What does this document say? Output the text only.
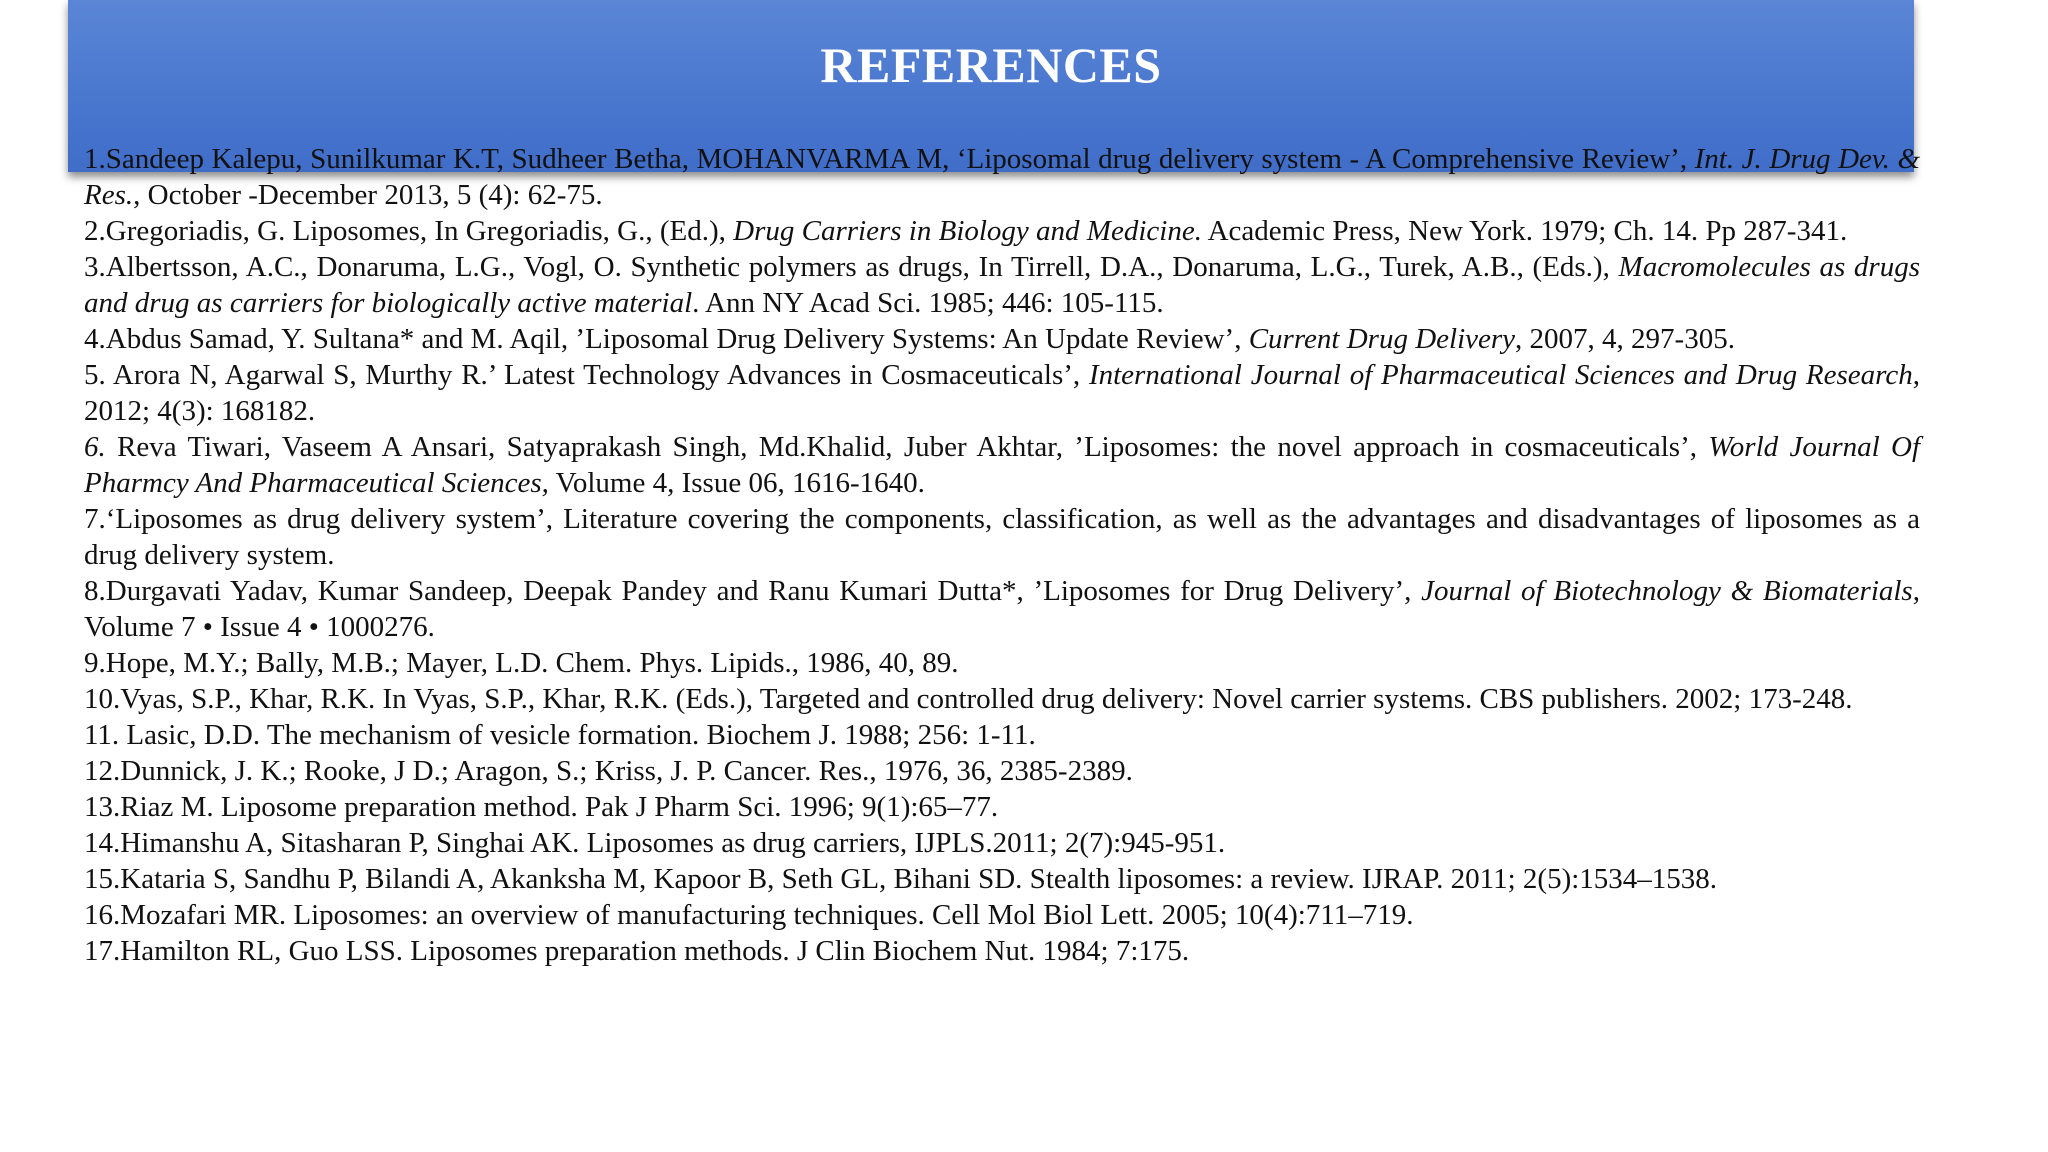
REFERENCES
1.Sandeep Kalepu, Sunilkumar K.T, Sudheer Betha, MOHANVARMA M, ‘Liposomal drug delivery system - A Comprehensive Review’, Int. J. Drug Dev. & Res., October -December 2013, 5 (4): 62-75.
2.Gregoriadis, G. Liposomes, In Gregoriadis, G., (Ed.), Drug Carriers in Biology and Medicine. Academic Press, New York. 1979; Ch. 14. Pp 287-341.
3.Albertsson, A.C., Donaruma, L.G., Vogl, O. Synthetic polymers as drugs, In Tirrell, D.A., Donaruma, L.G., Turek, A.B., (Eds.), Macromolecules as drugs and drug as carriers for biologically active material. Ann NY Acad Sci. 1985; 446: 105-115.
4.Abdus Samad, Y. Sultana* and M. Aqil, ’Liposomal Drug Delivery Systems: An Update Review’, Current Drug Delivery, 2007, 4, 297-305.
5. Arora N, Agarwal S, Murthy R.’ Latest Technology Advances in Cosmaceuticals’, International Journal of Pharmaceutical Sciences and Drug Research, 2012; 4(3): 168182.
6. Reva Tiwari, Vaseem A Ansari, Satyaprakash Singh, Md.Khalid, Juber Akhtar, ’Liposomes: the novel approach in cosmaceuticals’, World Journal Of Pharmcy And Pharmaceutical Sciences, Volume 4, Issue 06, 1616-1640.
7.‘Liposomes as drug delivery system’, Literature covering the components, classification, as well as the advantages and disadvantages of liposomes as a drug delivery system.
8.Durgavati Yadav, Kumar Sandeep, Deepak Pandey and Ranu Kumari Dutta*, ’Liposomes for Drug Delivery’, Journal of Biotechnology & Biomaterials, Volume 7 • Issue 4 • 1000276.
9.Hope, M.Y.; Bally, M.B.; Mayer, L.D. Chem. Phys. Lipids., 1986, 40, 89.
10.Vyas, S.P., Khar, R.K. In Vyas, S.P., Khar, R.K. (Eds.), Targeted and controlled drug delivery: Novel carrier systems. CBS publishers. 2002; 173-248.
11. Lasic, D.D. The mechanism of vesicle formation. Biochem J. 1988; 256: 1-11.
12.Dunnick, J. K.; Rooke, J D.; Aragon, S.; Kriss, J. P. Cancer. Res., 1976, 36, 2385-2389.
13.Riaz M. Liposome preparation method. Pak J Pharm Sci. 1996; 9(1):65–77.
14.Himanshu A, Sitasharan P, Singhai AK. Liposomes as drug carriers, IJPLS.2011; 2(7):945-951.
15.Kataria S, Sandhu P, Bilandi A, Akanksha M, Kapoor B, Seth GL, Bihani SD. Stealth liposomes: a review. IJRAP. 2011; 2(5):1534–1538.
16.Mozafari MR. Liposomes: an overview of manufacturing techniques. Cell Mol Biol Lett. 2005; 10(4):711–719.
17.Hamilton RL, Guo LSS. Liposomes preparation methods. J Clin Biochem Nut. 1984; 7:175.
